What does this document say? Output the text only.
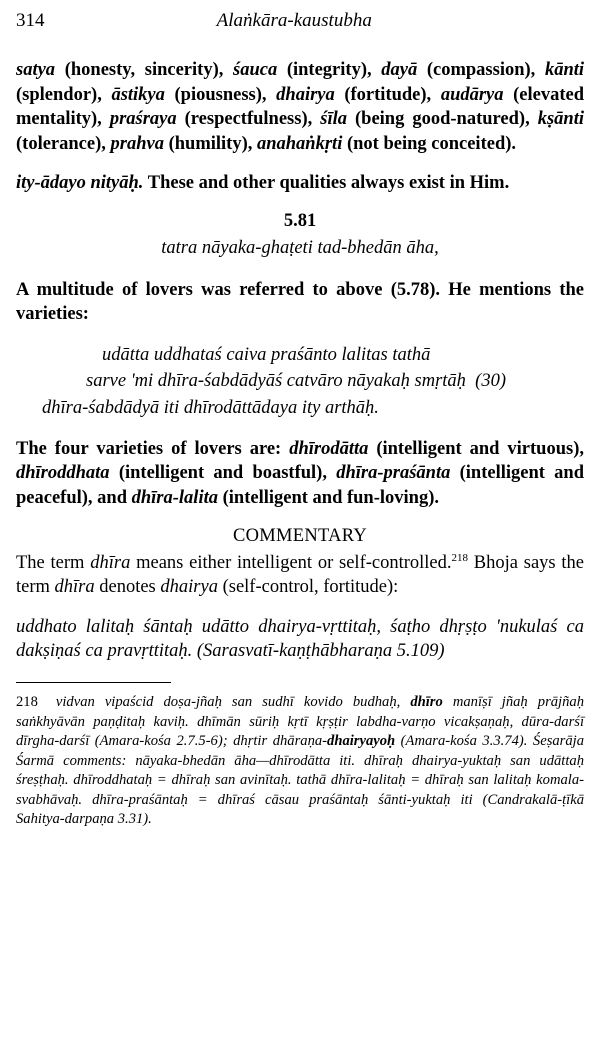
314	Alaṅkāra-kaustubha

satya (honesty, sincerity), śauca (integrity), dayā (compassion), kānti (splendor), āstikya (piousness), dhairya (fortitude), audārya (elevated mentality), praśraya (respectfulness), śīla (being good-natured), kṣānti (tolerance), prahva (humility), anahaṅkṛti (not being conceited).

ity-ādayo nityāḥ. These and other qualities always exist in Him.

5.81
tatra nāyaka-ghaṭeti tad-bhedān āha,

A multitude of lovers was referred to above (5.78). He mentions the varieties:

udātta uddhataś caiva praśānto lalitas tathā
sarve 'mi dhīra-śabdādyāś catvāro nāyakaḥ smṛtāḥ  (30)
dhīra-śabdādyā iti dhīrodāttādaya ity arthāḥ.

The four varieties of lovers are: dhīrodātta (intelligent and virtuous), dhīroddhata (intelligent and boastful), dhīra-praśānta (intelligent and peaceful), and dhīra-lalita (intelligent and fun-loving).

COMMENTARY

The term dhīra means either intelligent or self-controlled.$^{218}$ Bhoja says the term dhīra denotes dhairya (self-control, fortitude):

uddhato lalitaḥ śāntaḥ udātto dhairya-vṛttitaḥ, śaṭho dhṛṣṭo 'nukulaś ca dakṣiṇaś ca pravṛttitaḥ. (Sarasvatī-kaṇṭhābharaṇa 5.109)

218 vidvan vipaścid doṣa-jñaḥ san sudhī kovido budhaḥ, dhīro manīṣī jñaḥ prājñaḥ saṅkhyāvān paṇḍitaḥ kaviḥ. dhīmān sūriḥ kṛtī kṛṣṭir labdha-varṇo vicakṣaṇaḥ, dūra-darśī dīrgha-darśī (Amara-kośa 2.7.5-6); dhṛtir dhāraṇa-dhairyayoḥ (Amara-kośa 3.3.74). Śeṣarāja Śarmā comments: nāyaka-bhedān āha—dhīrodātta iti. dhīraḥ dhairya-yuktaḥ san udāttaḥ śreṣṭhaḥ. dhīroddhataḥ = dhīraḥ san avinītaḥ. tathā dhīra-lalitaḥ = dhīraḥ san lalitaḥ komala-svabhāvaḥ. dhīra-praśāntaḥ = dhīraś cāsau praśāntaḥ śānti-yuktaḥ iti (Candrakalā-ṭīkā Sahitya-darpaṇa 3.31).
